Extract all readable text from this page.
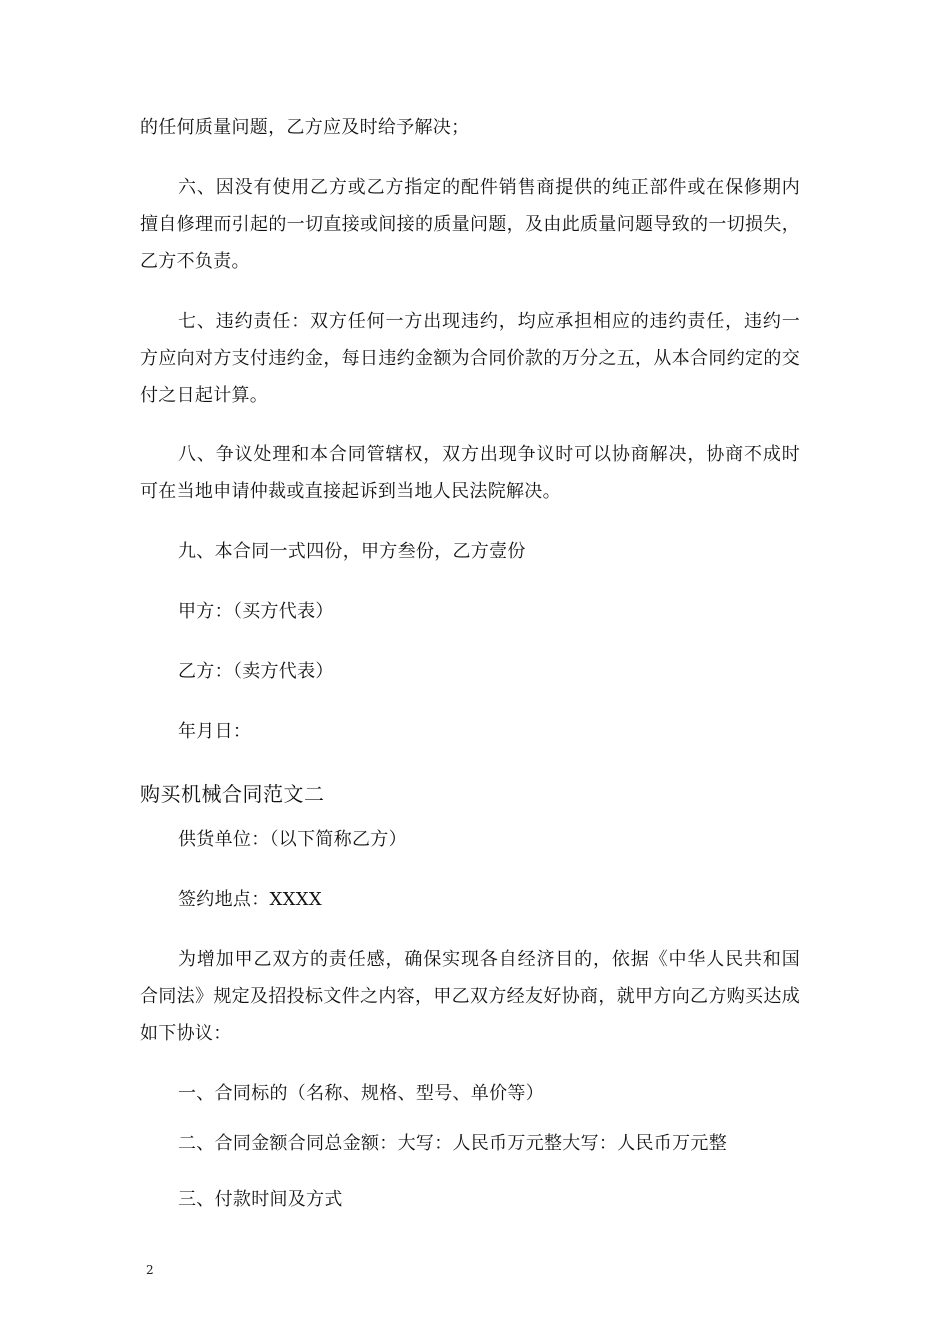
的任何质量问题，乙方应及时给予解决；

六、因没有使用乙方或乙方指定的配件销售商提供的纯正部件或在保修期内擅自修理而引起的一切直接或间接的质量问题，及由此质量问题导致的一切损失，乙方不负责。

七、违约责任：双方任何一方出现违约，均应承担相应的违约责任，违约一方应向对方支付违约金，每日违约金额为合同价款的万分之五，从本合同约定的交付之日起计算。

八、争议处理和本合同管辖权，双方出现争议时可以协商解决，协商不成时可在当地申请仲裁或直接起诉到当地人民法院解决。

九、本合同一式四份，甲方叁份，乙方壹份

甲方：（买方代表）

乙方：（卖方代表）

年月日：

购买机械合同范文二

供货单位：（以下简称乙方）

签约地点：XXXX

为增加甲乙双方的责任感，确保实现各自经济目的，依据《中华人民共和国合同法》规定及招投标文件之内容，甲乙双方经友好协商，就甲方向乙方购买达成如下协议：

一、合同标的（名称、规格、型号、单价等）

二、合同金额合同总金额：大写：人民币万元整大写：人民币万元整

三、付款时间及方式

2
